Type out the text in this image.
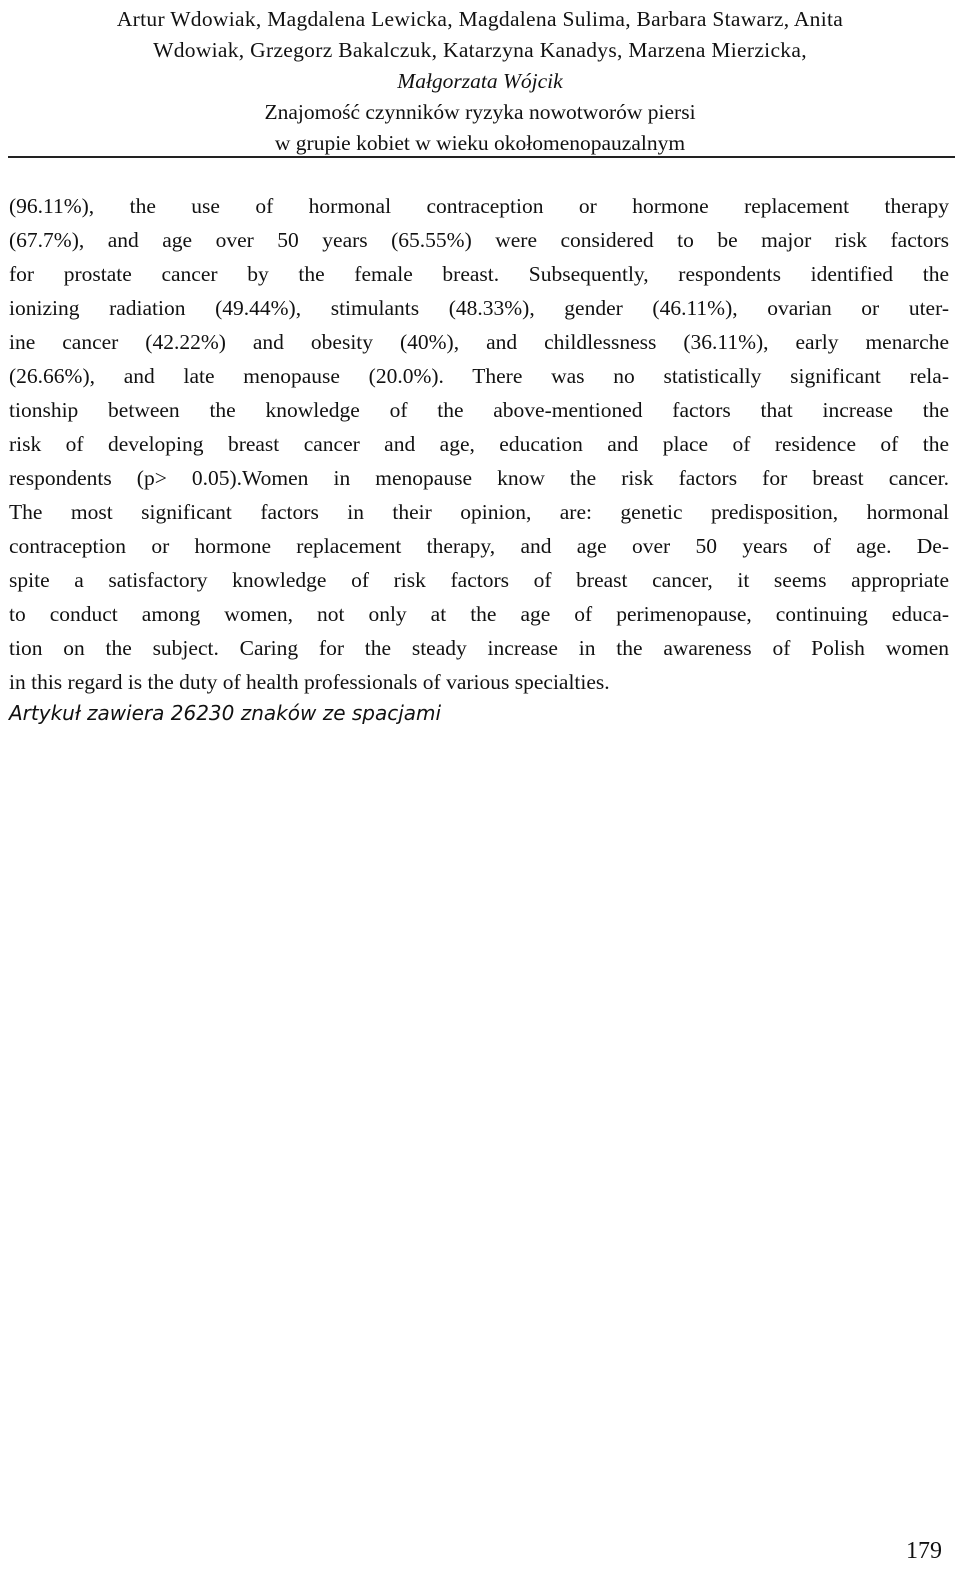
Artur Wdowiak, Magdalena Lewicka, Magdalena Sulima, Barbara Stawarz, Anita
Wdowiak, Grzegorz Bakalczuk, Katarzyna Kanadys, Marzena Mierzicka,
Małgorzata Wójcik
Znajomość czynników ryzyka nowotworów piersi
w grupie kobiet w wieku okołomenopauzalnym
(96.11%), the use of hormonal contraception or hormone replacement therapy
(67.7%), and age over 50 years (65.55%) were considered to be major risk factors
for prostate cancer by the female breast. Subsequently, respondents identified the
ionizing radiation (49.44%), stimulants (48.33%), gender (46.11%), ovarian or uter-
ine cancer (42.22%) and obesity (40%), and childlessness (36.11%), early menarche
(26.66%), and late menopause (20.0%). There was no statistically significant rela-
tionship between the knowledge of the above-mentioned factors that increase the
risk of developing breast cancer and age, education and place of residence of the
respondents (p> 0.05).Women in menopause know the risk factors for breast cancer.
The most significant factors in their opinion, are: genetic predisposition, hormonal
contraception or hormone replacement therapy, and age over 50 years of age. De-
spite a satisfactory knowledge of risk factors of breast cancer, it seems appropriate
to conduct among women, not only at the age of perimenopause, continuing educa-
tion on the subject. Caring for the steady increase in the awareness of Polish women
in this regard is the duty of health professionals of various specialties.
Artykuł zawiera 26230 znaków ze spacjami
179
